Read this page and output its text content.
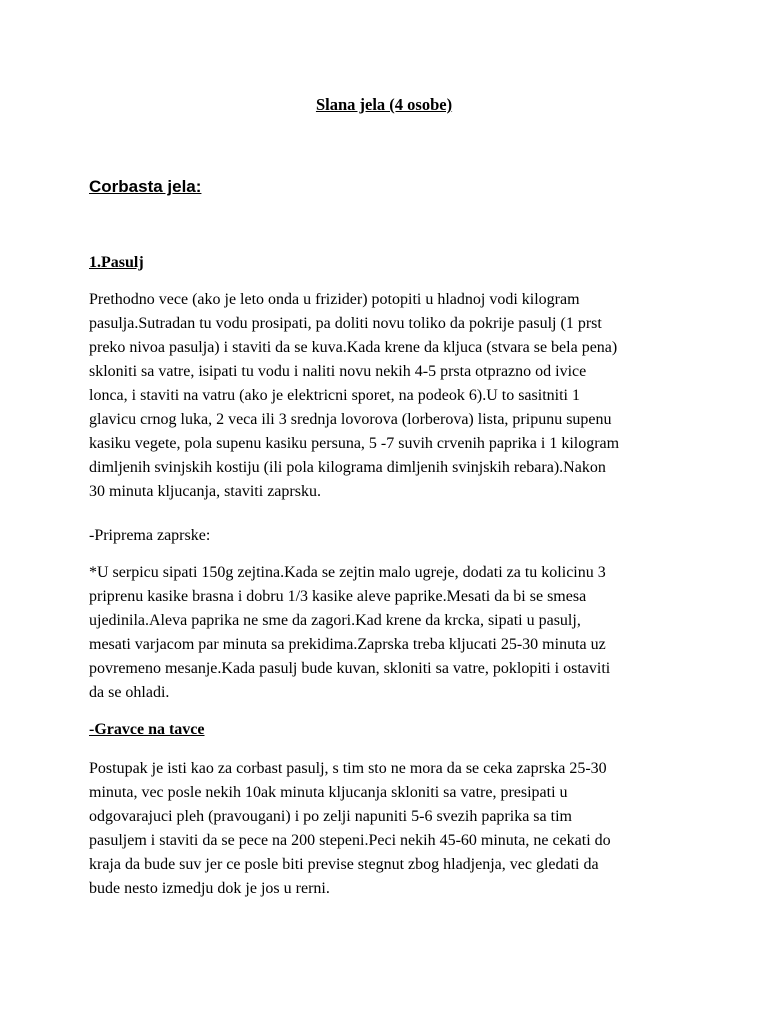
Slana jela (4 osobe)
Corbasta jela:
1.Pasulj
Prethodno vece (ako je leto onda u frizider) potopiti u hladnoj vodi kilogram
pasulja.Sutradan tu vodu prosipati, pa doliti novu toliko da pokrije pasulj (1 prst
preko nivoa pasulja) i staviti da se kuva.Kada krene da kljuca (stvara se bela pena)
skloniti sa vatre, isipati tu vodu i naliti novu nekih 4-5 prsta otprazno od ivice
lonca, i staviti na vatru (ako je elektricni sporet, na podeok 6).U to sasitniti 1
glavicu crnog luka, 2 veca ili 3 srednja lovorova (lorberova) lista, pripunu supenu
kasiku vegete, pola supenu kasiku persuna, 5 -7 suvih crvenih paprika i 1 kilogram
dimljenih svinjskih kostiju (ili pola kilograma dimljenih svinjskih rebara).Nakon
30 minuta kljucanja, staviti zaprsku.
-Priprema zaprske:
*U serpicu sipati 150g zejtina.Kada se zejtin malo ugreje, dodati za tu kolicinu 3
priprenu kasike brasna i dobru 1/3 kasike aleve paprike.Mesati da bi se smesa
ujedinila.Aleva paprika ne sme da zagori.Kad krene da krcka, sipati u pasulj,
mesati varjacom par minuta sa prekidima.Zaprska treba kljucati 25-30 minuta uz
povremeno mesanje.Kada pasulj bude kuvan, skloniti sa vatre, poklopiti i ostaviti
da se ohladi.
-Gravce na tavce
Postupak je isti kao za corbast pasulj, s tim sto ne mora da se ceka zaprska 25-30
minuta, vec posle nekih 10ak minuta kljucanja skloniti sa vatre, presipati u
odgovarajuci pleh (pravougani) i po zelji napuniti 5-6 svezih paprika sa tim
pasuljem i staviti da se pece na 200 stepeni.Peci nekih 45-60 minuta, ne cekati do
kraja da bude suv jer ce posle biti previse stegnut zbog hladjenja, vec gledati da
bude nesto izmedju dok je jos u rerni.
